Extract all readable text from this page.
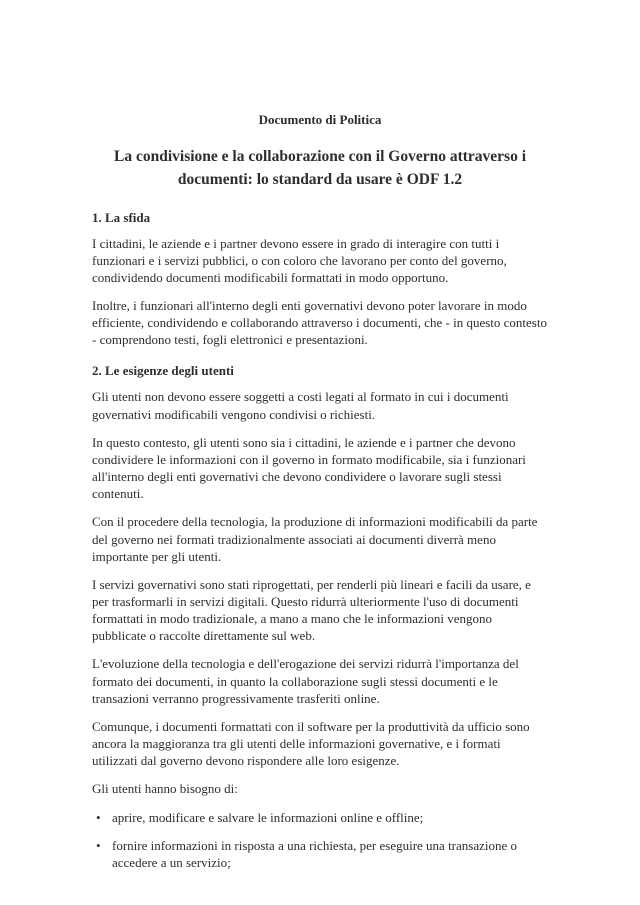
Documento di Politica

La condivisione e la collaborazione con il Governo attraverso i documenti: lo standard da usare è ODF 1.2
1. La sfida

I cittadini, le aziende e i partner devono essere in grado di interagire con tutti i funzionari e i servizi pubblici, o con coloro che lavorano per conto del governo, condividendo documenti modificabili formattati in modo opportuno.

Inoltre, i funzionari all'interno degli enti governativi devono poter lavorare in modo efficiente, condividendo e collaborando attraverso i documenti, che - in questo contesto - comprendono testi, fogli elettronici e presentazioni.

2. Le esigenze degli utenti

Gli utenti non devono essere soggetti a costi legati al formato in cui i documenti governativi modificabili vengono condivisi o richiesti.

In questo contesto, gli utenti sono sia i cittadini, le aziende e i partner che devono condividere le informazioni con il governo in formato modificabile, sia i funzionari all'interno degli enti governativi che devono condividere o lavorare sugli stessi contenuti.

Con il procedere della tecnologia, la produzione di informazioni modificabili da parte del governo nei formati tradizionalmente associati ai documenti diverrà meno importante per gli utenti.

I servizi governativi sono stati riprogettati, per renderli più lineari e facili da usare, e per trasformarli in servizi digitali. Questo ridurrà ulteriormente l'uso di documenti formattati in modo tradizionale, a mano a mano che le informazioni vengono pubblicate o raccolte direttamente sul web.

L'evoluzione della tecnologia e dell'erogazione dei servizi ridurrà l'importanza del formato dei documenti, in quanto la collaborazione sugli stessi documenti e le transazioni verranno progressivamente trasferiti online.

Comunque, i documenti formattati con il software per la produttività da ufficio sono ancora la maggioranza tra gli utenti delle informazioni governative, e i formati utilizzati dal governo devono rispondere alle loro esigenze.

Gli utenti hanno bisogno di:

• aprire, modificare e salvare le informazioni online e offline;
• fornire informazioni in risposta a una richiesta, per eseguire una transazione o accedere a un servizio;
